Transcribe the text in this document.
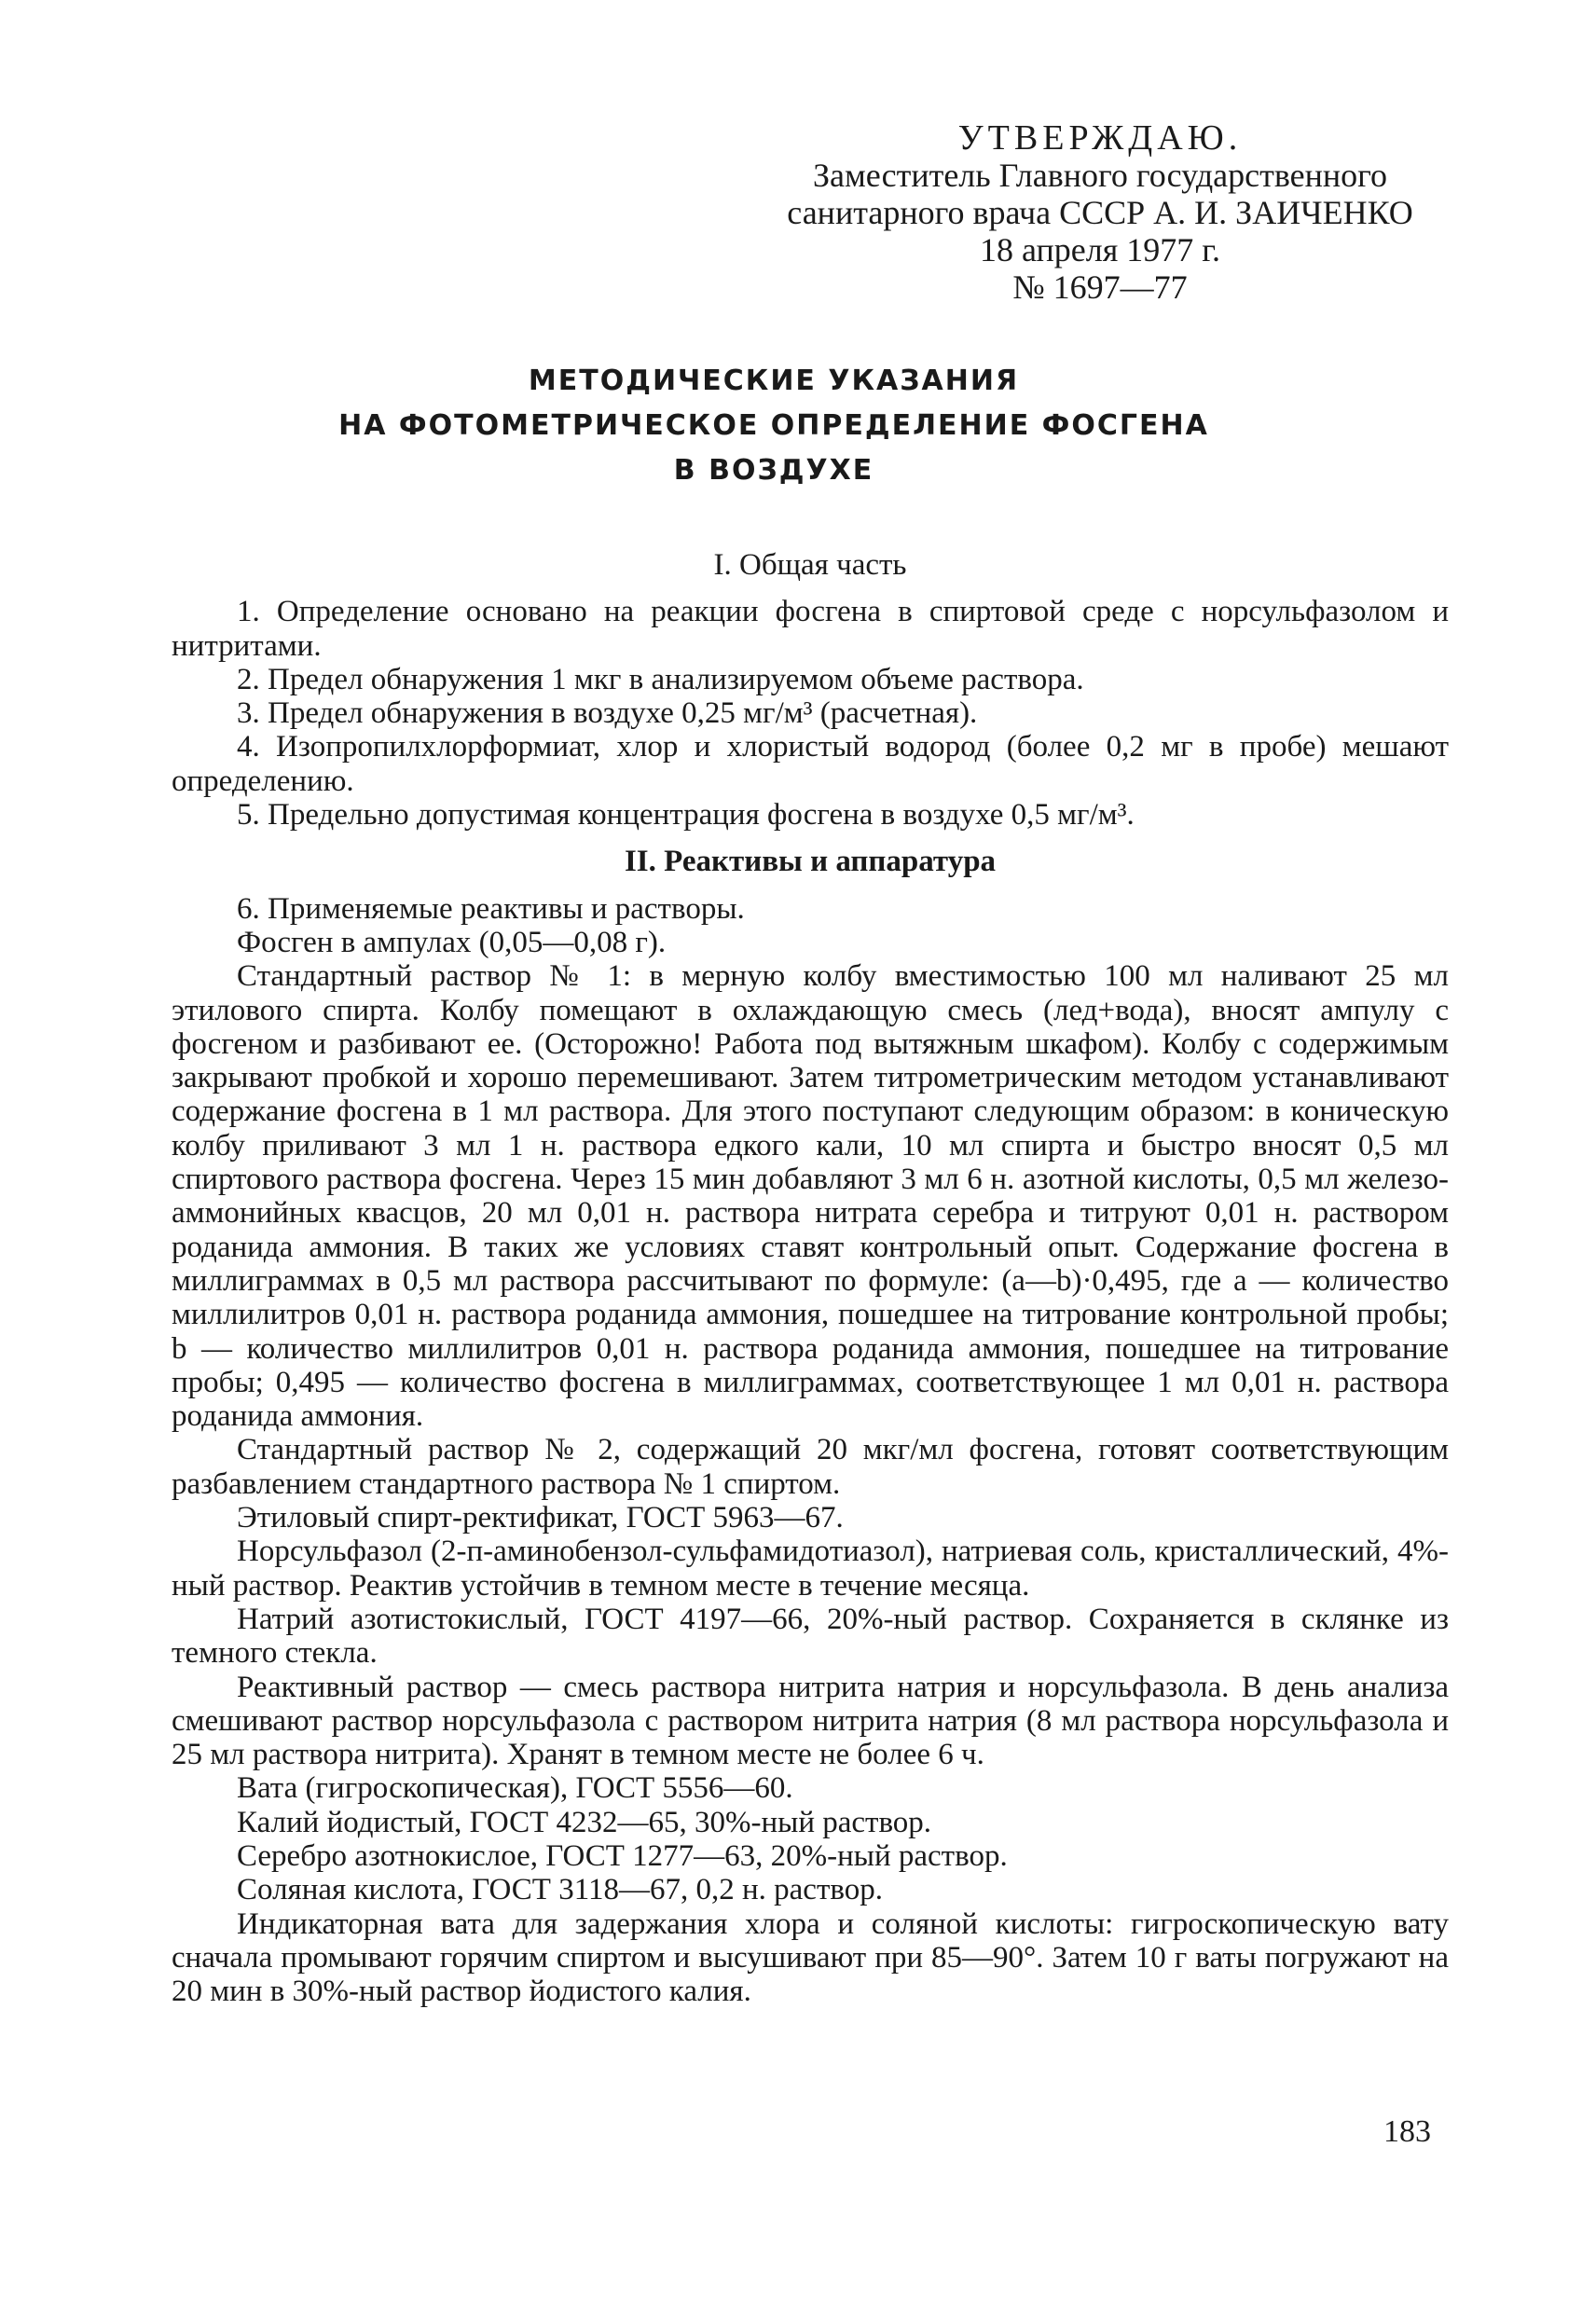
УТВЕРЖДАЮ.
Заместитель Главного государственного
санитарного врача СССР А. И. ЗАИЧЕНКО
18 апреля 1977 г.
№ 1697—77
МЕТОДИЧЕСКИЕ УКАЗАНИЯ
НА ФОТОМЕТРИЧЕСКОЕ ОПРЕДЕЛЕНИЕ ФОСГЕНА
В ВОЗДУХЕ
I. Общая часть

1. Определение основано на реакции фосгена в спиртовой среде с норсульфазолом и нитритами.

2. Предел обнаружения 1 мкг в анализируемом объеме раствора.

3. Предел обнаружения в воздухе 0,25 мг/м³ (расчетная).

4. Изопропилхлорформиат, хлор и хлористый водород (более 0,2 мг в пробе) мешают определению.

5. Предельно допустимая концентрация фосгена в воздухе 0,5 мг/м³.

II. Реактивы и аппаратура

6. Применяемые реактивы и растворы.

Фосген в ампулах (0,05—0,08 г).

Стандартный раствор № 1: в мерную колбу вместимостью 100 мл наливают 25 мл этилового спирта. Колбу помещают в охлаждающую смесь (лед+вода), вносят ампулу с фосгеном и разбивают ее. (Осторожно! Работа под вытяжным шкафом). Колбу с содержимым закрывают пробкой и хорошо перемешивают. Затем титрометрическим методом устанавливают содержание фосгена в 1 мл раствора. Для этого поступают следующим образом: в коническую колбу приливают 3 мл 1 н. раствора едкого кали, 10 мл спирта и быстро вносят 0,5 мл спиртового раствора фосгена. Через 15 мин добавляют 3 мл 6 н. азотной кислоты, 0,5 мл железо-аммонийных квасцов, 20 мл 0,01 н. раствора нитрата серебра и титруют 0,01 н. раствором роданида аммония. В таких же условиях ставят контрольный опыт. Содержание фосгена в миллиграммах в 0,5 мл раствора рассчитывают по формуле: (a—b)·0,495, где a — количество миллилитров 0,01 н. раствора роданида аммония, пошедшее на титрование контрольной пробы; b — количество миллилитров 0,01 н. раствора роданида аммония, пошедшее на титрование пробы; 0,495 — количество фосгена в миллиграммах, соответствующее 1 мл 0,01 н. раствора роданида аммония.

Стандартный раствор № 2, содержащий 20 мкг/мл фосгена, готовят соответствующим разбавлением стандартного раствора № 1 спиртом.

Этиловый спирт-ректификат, ГОСТ 5963—67.

Норсульфазол (2-п-аминобензол-сульфамидотиазол), натриевая соль, кристаллический, 4%-ный раствор. Реактив устойчив в темном месте в течение месяца.

Натрий азотистокислый, ГОСТ 4197—66, 20%-ный раствор. Сохраняется в склянке из темного стекла.

Реактивный раствор — смесь раствора нитрита натрия и норсульфазола. В день анализа смешивают раствор норсульфазола с раствором нитрита натрия (8 мл раствора норсульфазола и 25 мл раствора нитрита). Хранят в темном месте не более 6 ч.

Вата (гигроскопическая), ГОСТ 5556—60.

Калий йодистый, ГОСТ 4232—65, 30%-ный раствор.

Серебро азотнокислое, ГОСТ 1277—63, 20%-ный раствор.

Соляная кислота, ГОСТ 3118—67, 0,2 н. раствор.

Индикаторная вата для задержания хлора и соляной кислоты: гигроскопическую вату сначала промывают горячим спиртом и высушивают при 85—90°. Затем 10 г ваты погружают на 20 мин в 30%-ный раствор йодистого калия.

183
